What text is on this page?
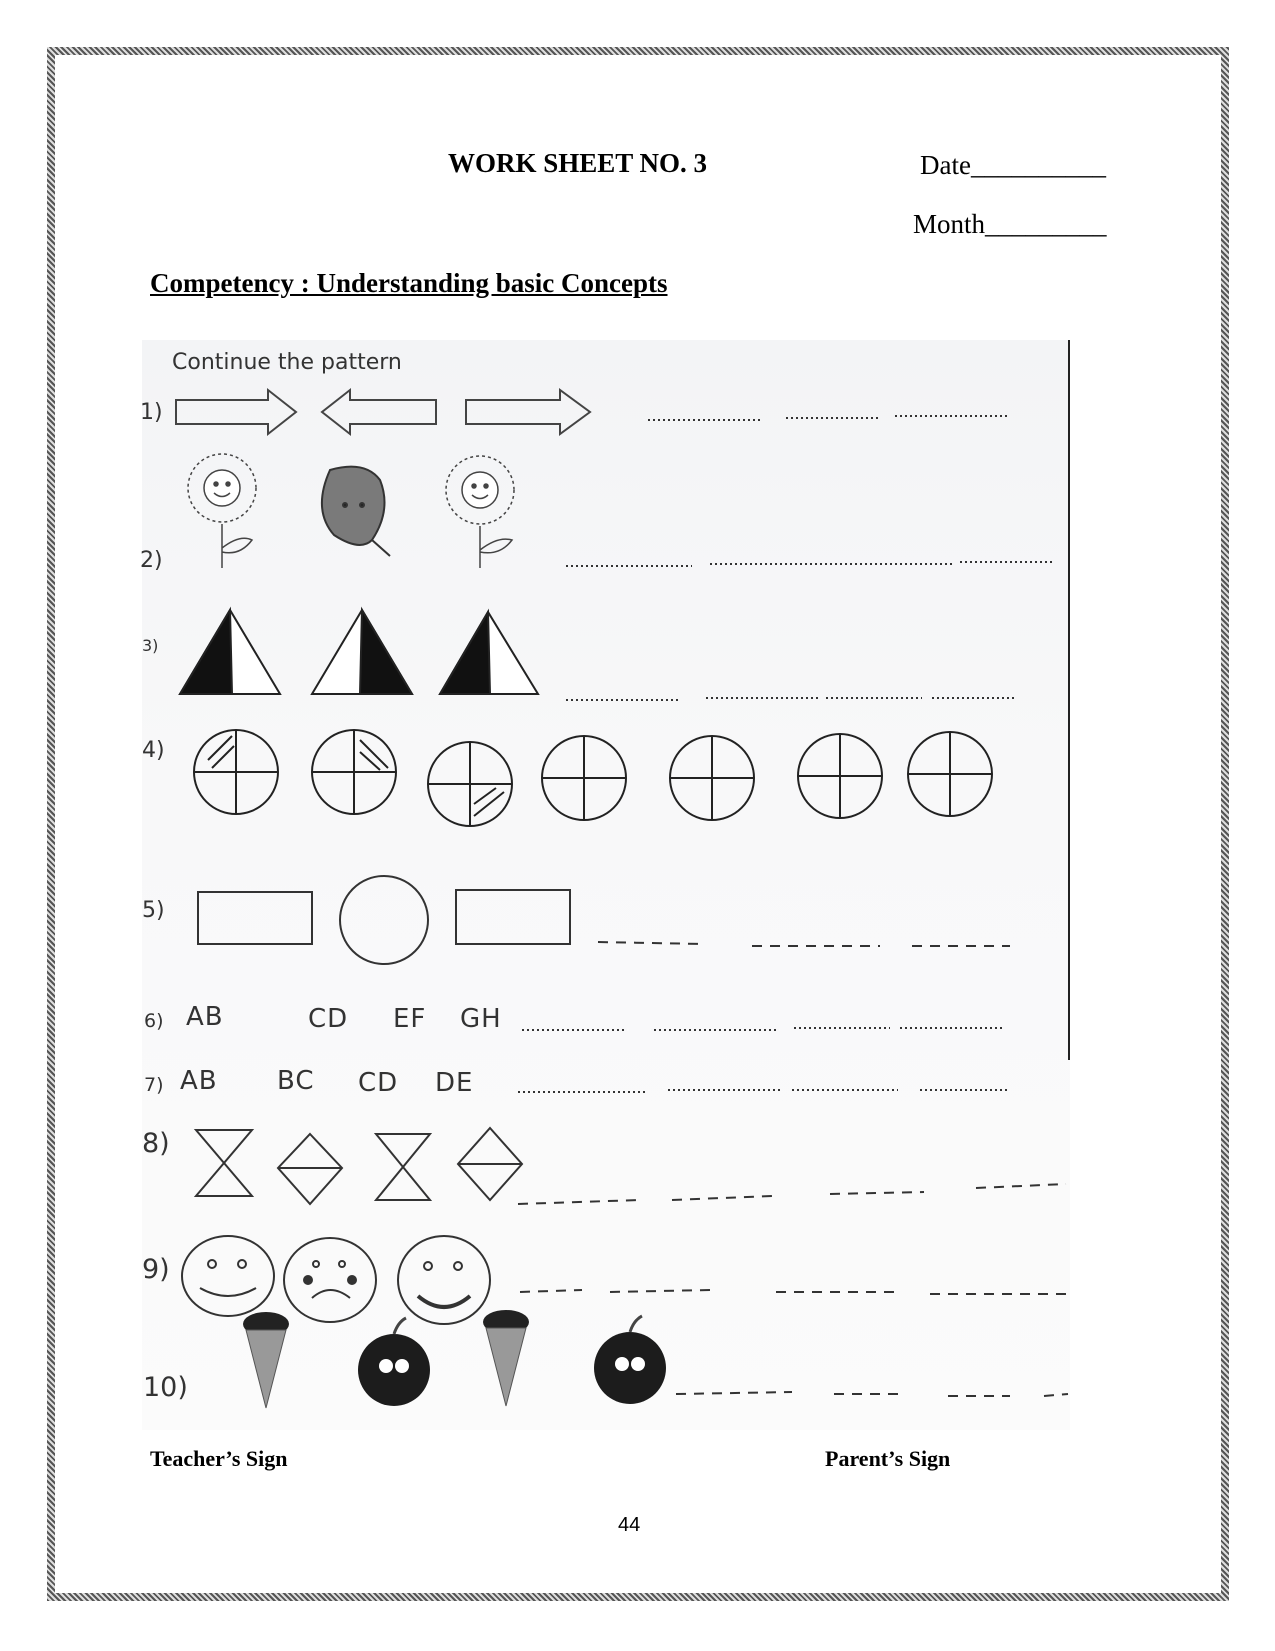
WORK SHEET NO. 3	Date__________
Month_________
Competency : Understanding basic Concepts
Continue the pattern
1)
2)
3)
4)
5)
6)
7)
8)
9)
10)
AB	CD EF GH
AB BC CD DE
Teacher’s Sign	Parent’s Sign
44
